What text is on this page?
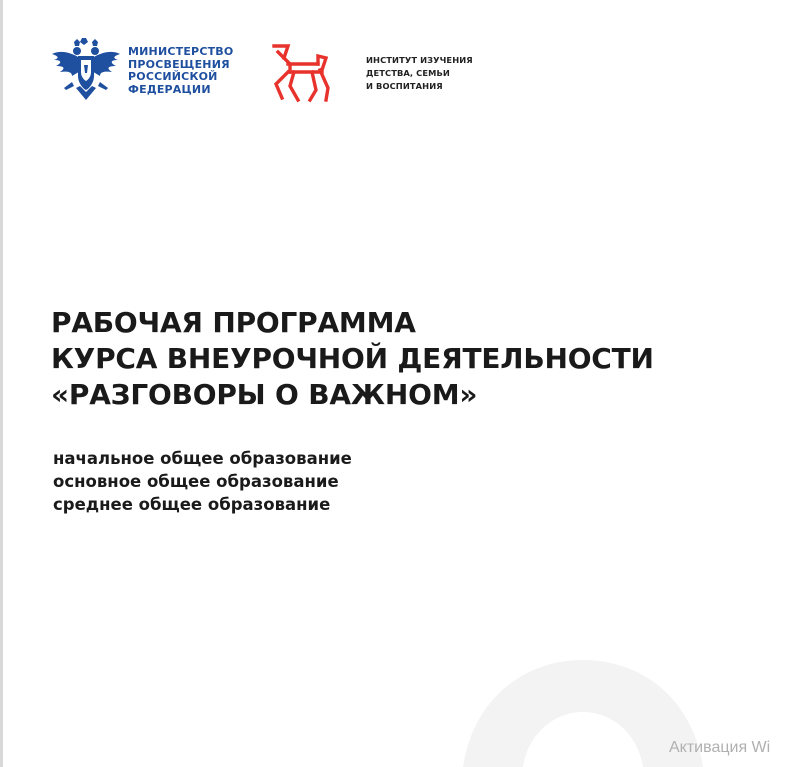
МИНИСТЕРСТВО
ПРОСВЕЩЕНИЯ
РОССИЙСКОЙ
ФЕДЕРАЦИИ
ИНСТИТУТ ИЗУЧЕНИЯ
ДЕТСТВА, СЕМЬИ
И ВОСПИТАНИЯ
РАБОЧАЯ ПРОГРАММА
КУРСА ВНЕУРОЧНОЙ ДЕЯТЕЛЬНОСТИ
«РАЗГОВОРЫ О ВАЖНОМ»
начальное общее образование
основное общее образование
среднее общее образование
Активация Wi
